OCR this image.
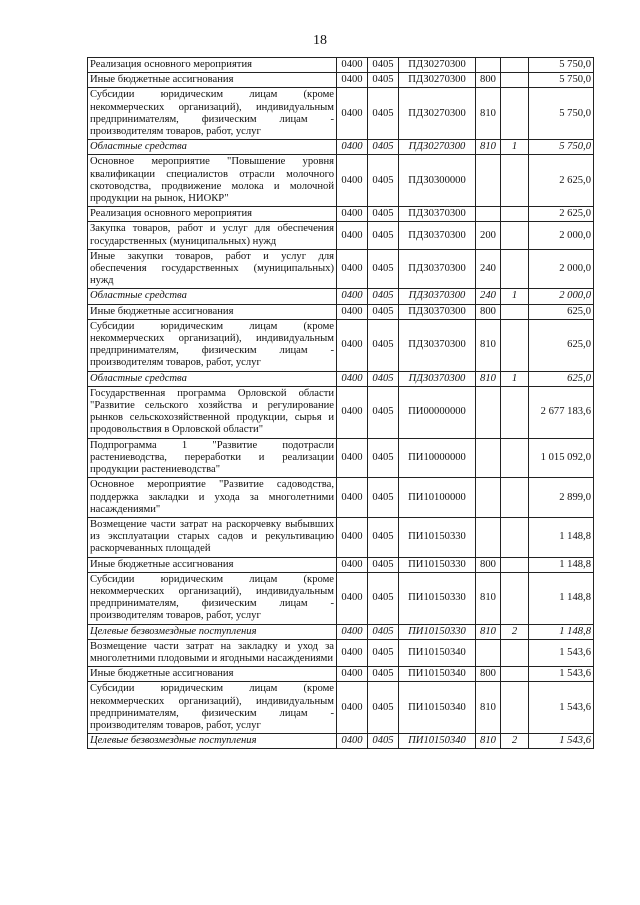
18
Реализация основного мероприятия	0400	0405	ПДЗ0270300			5 750,0
Иные бюджетные ассигнования	0400	0405	ПДЗ0270300	800		5 750,0
Субсидии юридическим лицам (кроме некоммерческих организаций), индивидуальным предпринимателям, физическим лицам - производителям товаров, работ, услуг	0400	0405	ПДЗ0270300	810		5 750,0
Областные средства	0400	0405	ПДЗ0270300	810	1	5 750,0
Основное мероприятие "Повышение уровня квалификации специалистов отрасли молочного скотоводства, продвижение молока и молочной продукции на рынок, НИОКР"	0400	0405	ПДЗ0300000			2 625,0
Реализация основного мероприятия	0400	0405	ПДЗ0370300			2 625,0
Закупка товаров, работ и услуг для обеспечения государственных (муниципальных) нужд	0400	0405	ПДЗ0370300	200		2 000,0
Иные закупки товаров, работ и услуг для обеспечения государственных (муниципальных) нужд	0400	0405	ПДЗ0370300	240		2 000,0
Областные средства	0400	0405	ПДЗ0370300	240	1	2 000,0
Иные бюджетные ассигнования	0400	0405	ПДЗ0370300	800		625,0
Субсидии юридическим лицам (кроме некоммерческих организаций), индивидуальным предпринимателям, физическим лицам - производителям товаров, работ, услуг	0400	0405	ПДЗ0370300	810		625,0
Областные средства	0400	0405	ПДЗ0370300	810	1	625,0
Государственная программа Орловской области "Развитие сельского хозяйства и регулирование рынков сельскохозяйственной продукции, сырья и продовольствия в Орловской области"	0400	0405	ПИ00000000			2 677 183,6
Подпрограмма 1 "Развитие подотрасли растениеводства, переработки и реализации продукции растениеводства"	0400	0405	ПИ10000000			1 015 092,0
Основное мероприятие "Развитие садоводства, поддержка закладки и ухода за многолетними насаждениями"	0400	0405	ПИ10100000			2 899,0
Возмещение части затрат на раскорчевку выбывших из эксплуатации старых садов и рекультивацию раскорчеванных площадей	0400	0405	ПИ10150330			1 148,8
Иные бюджетные ассигнования	0400	0405	ПИ10150330	800		1 148,8
Субсидии юридическим лицам (кроме некоммерческих организаций), индивидуальным предпринимателям, физическим лицам - производителям товаров, работ, услуг	0400	0405	ПИ10150330	810		1 148,8
Целевые безвозмездные поступления	0400	0405	ПИ10150330	810	2	1 148,8
Возмещение части затрат на закладку и уход за многолетними плодовыми и ягодными насаждениями	0400	0405	ПИ10150340			1 543,6
Иные бюджетные ассигнования	0400	0405	ПИ10150340	800		1 543,6
Субсидии юридическим лицам (кроме некоммерческих организаций), индивидуальным предпринимателям, физическим лицам - производителям товаров, работ, услуг	0400	0405	ПИ10150340	810		1 543,6
Целевые безвозмездные поступления	0400	0405	ПИ10150340	810	2	1 543,6
